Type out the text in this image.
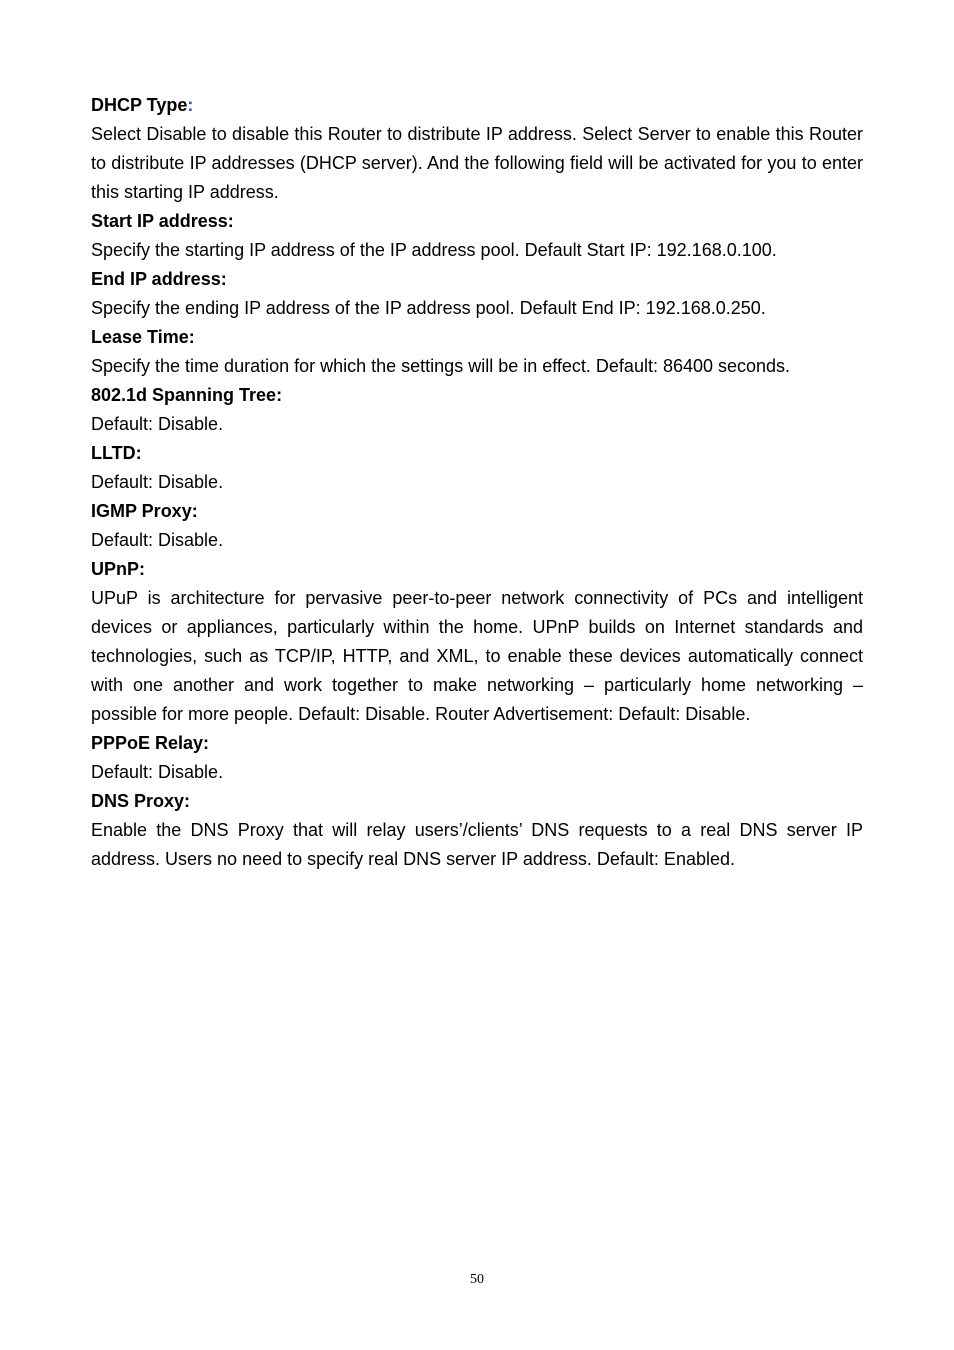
DHCP Type:

Select Disable to disable this Router to distribute IP address. Select Server to enable this Router to distribute IP addresses (DHCP server). And the following field will be activated for you to enter this starting IP address.

Start IP address:

Specify the starting IP address of the IP address pool. Default Start IP: 192.168.0.100.

End IP address:

Specify the ending IP address of the IP address pool. Default End IP: 192.168.0.250.

Lease Time:

Specify the time duration for which the settings will be in effect. Default: 86400 seconds.

802.1d Spanning Tree:

Default: Disable.

LLTD:

Default: Disable.

IGMP Proxy:

Default: Disable.

UPnP:

UPuP is architecture for pervasive peer-to-peer network connectivity of PCs and intelligent devices or appliances, particularly within the home. UPnP builds on Internet standards and technologies, such as TCP/IP, HTTP, and XML, to enable these devices automatically connect with one another and work together to make networking – particularly home networking – possible for more people. Default: Disable. Router Advertisement: Default: Disable.

PPPoE Relay:

Default: Disable.

DNS Proxy:

Enable the DNS Proxy that will relay users’/clients’ DNS requests to a real DNS server IP address. Users no need to specify real DNS server IP address. Default: Enabled.

50
